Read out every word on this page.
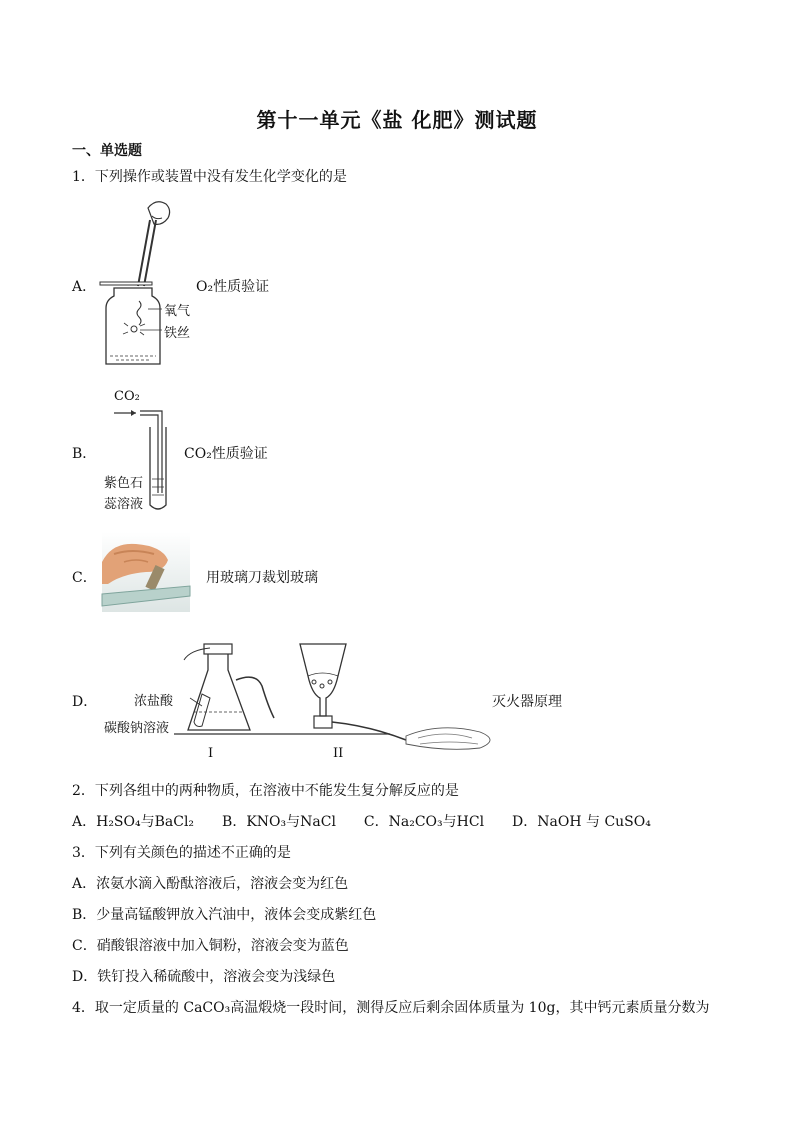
第十一单元《盐 化肥》测试题
一、单选题
1．下列操作或装置中没有发生化学变化的是
A．
氧气
铁丝
O₂性质验证
B．
CO₂
紫色石
蕊溶液
CO₂性质验证
C．	用玻璃刀裁划玻璃
D．	浓盐酸
碳酸钠溶液
I	II
灭火器原理
2．下列各组中的两种物质，在溶液中不能发生复分解反应的是
A．H₂SO₄与BaCl₂　　B．KNO₃与NaCl　　C．Na₂CO₃与HCl　　D．NaOH 与 CuSO₄
3．下列有关颜色的描述不正确的是
A．浓氨水滴入酚酞溶液后，溶液会变为红色
B．少量高锰酸钾放入汽油中，液体会变成紫红色
C．硝酸银溶液中加入铜粉，溶液会变为蓝色
D．铁钉投入稀硫酸中，溶液会变为浅绿色
4．取一定质量的 CaCO₃高温煅烧一段时间，测得反应后剩余固体质量为 10g，其中钙元素质量分数为
